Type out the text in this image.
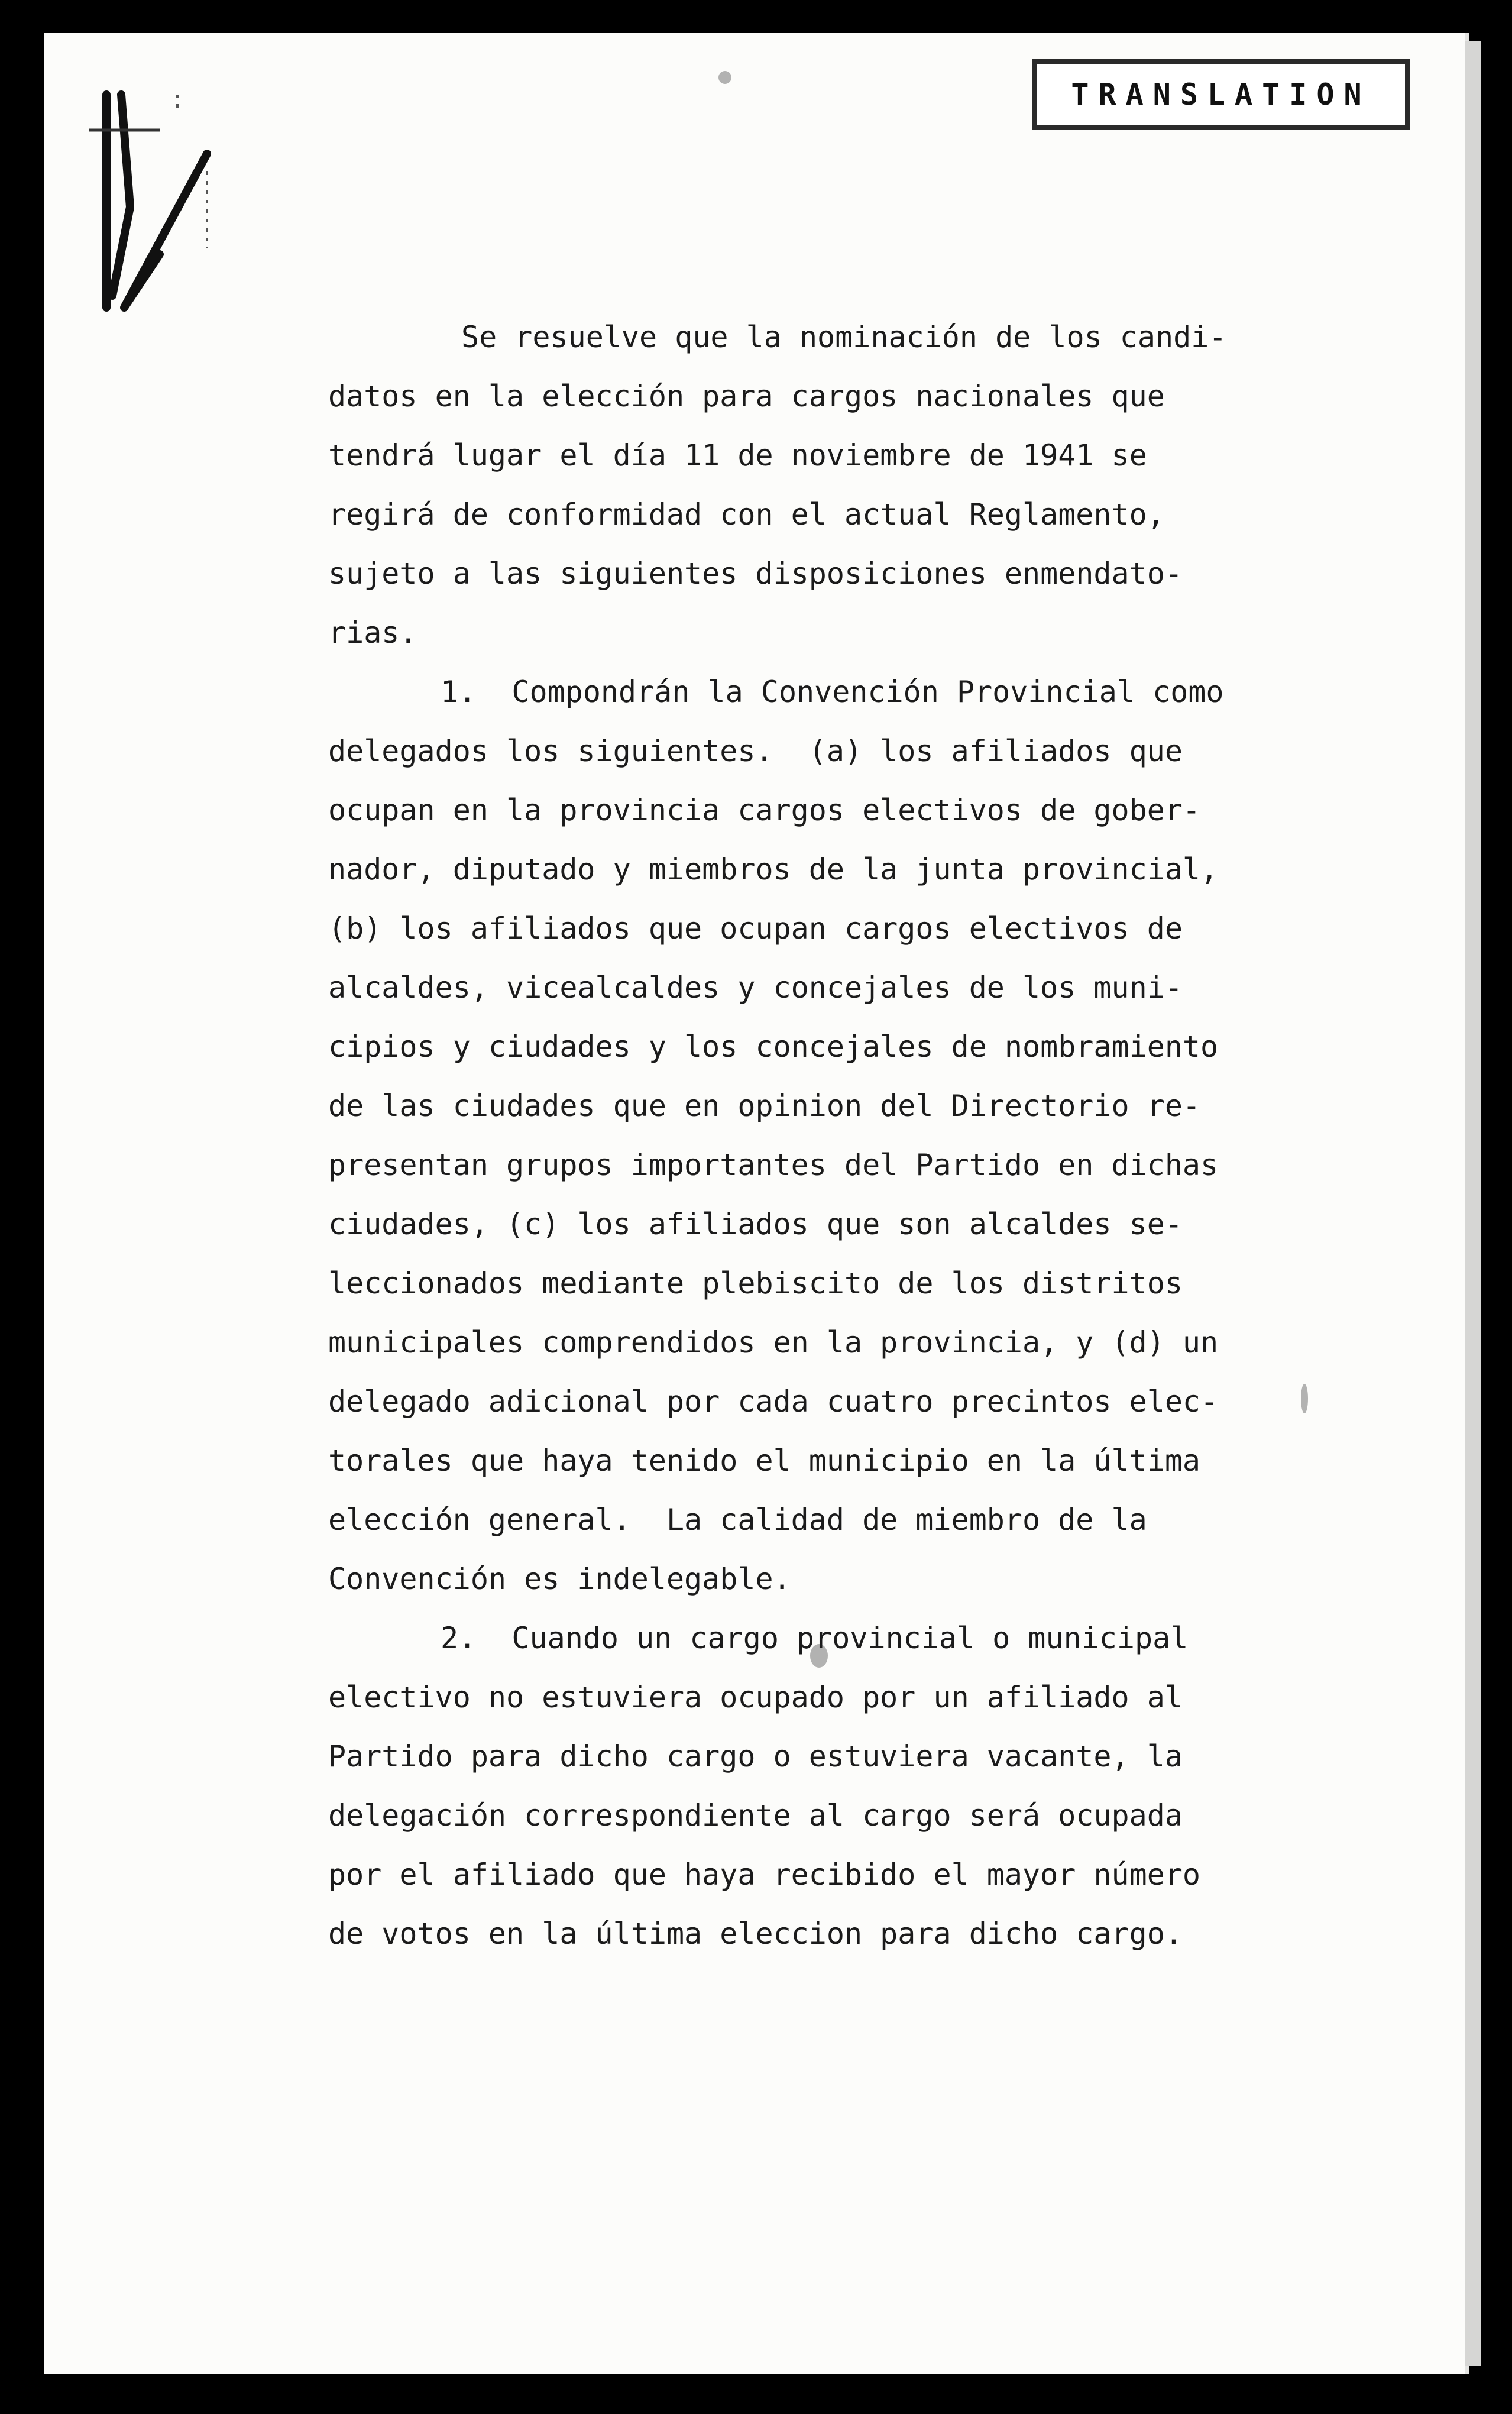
TRANSLATION
Se resuelve que la nominación de los candi-
datos en la elección para cargos nacionales que
tendrá lugar el día 11 de noviembre de 1941 se
regirá de conformidad con el actual Reglamento,
sujeto a las siguientes disposiciones enmendato-
rias.
1.  Compondrán la Convención Provincial como
delegados los siguientes.  (a) los afiliados que
ocupan en la provincia cargos electivos de gober-
nador, diputado y miembros de la junta provincial,
(b) los afiliados que ocupan cargos electivos de
alcaldes, vicealcaldes y concejales de los muni-
cipios y ciudades y los concejales de nombramiento
de las ciudades que en opinion del Directorio re-
presentan grupos importantes del Partido en dichas
ciudades, (c) los afiliados que son alcaldes se-
leccionados mediante plebiscito de los distritos
municipales comprendidos en la provincia, y (d) un
delegado adicional por cada cuatro precintos elec-
torales que haya tenido el municipio en la última
elección general.  La calidad de miembro de la
Convención es indelegable.
2.  Cuando un cargo provincial o municipal
electivo no estuviera ocupado por un afiliado al
Partido para dicho cargo o estuviera vacante, la
delegación correspondiente al cargo será ocupada
por el afiliado que haya recibido el mayor número
de votos en la última eleccion para dicho cargo.
